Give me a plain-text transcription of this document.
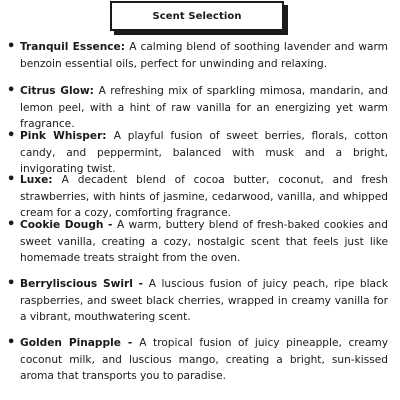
Scent Selection
• Tranquil Essence: A calming blend of soothing lavender and warm benzoin essential oils, perfect for unwinding and relaxing.
• Citrus Glow: A refreshing mix of sparkling mimosa, mandarin, and lemon peel, with a hint of raw vanilla for an energizing yet warm fragrance.
• Pink Whisper: A playful fusion of sweet berries, florals, cotton candy, and peppermint, balanced with musk and a bright, invigorating twist.
• Luxe: A decadent blend of cocoa butter, coconut, and fresh strawberries, with hints of jasmine, cedarwood, vanilla, and whipped cream for a cozy, comforting fragrance.
• Cookie Dough - A warm, buttery blend of fresh-baked cookies and sweet vanilla, creating a cozy, nostalgic scent that feels just like homemade treats straight from the oven.
• Berryliscious Swirl - A luscious fusion of juicy peach, ripe black raspberries, and sweet black cherries, wrapped in creamy vanilla for a vibrant, mouthwatering scent.
• Golden Pinapple - A tropical fusion of juicy pineapple, creamy coconut milk, and luscious mango, creating a bright, sun-kissed aroma that transports you to paradise.
